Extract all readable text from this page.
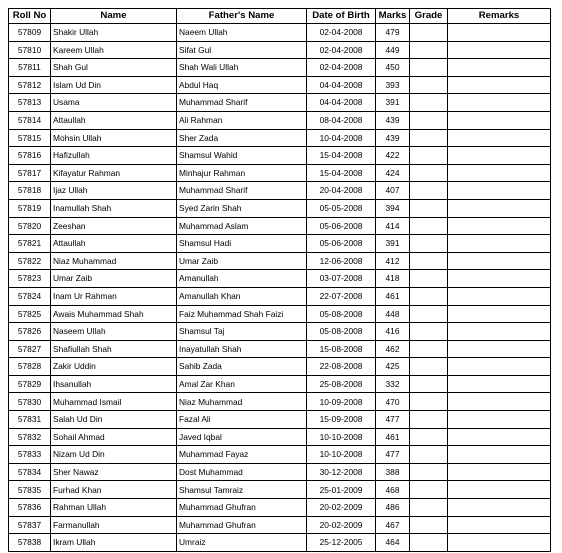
Roll No	Name	Father's Name	Date of Birth	Marks	Grade	Remarks
57809	Shakir Ullah	Naeem Ullah	02-04-2008	479		
57810	Kareem Ullah	Sifat Gul	02-04-2008	449		
57811	Shah Gul	Shah Wali Ullah	02-04-2008	450		
57812	Islam Ud Din	Abdul Haq	04-04-2008	393		
57813	Usama	Muhammad Sharif	04-04-2008	391		
57814	Attaullah	Ali Rahman	08-04-2008	439		
57815	Mohsin Ullah	Sher Zada	10-04-2008	439		
57816	Hafizullah	Shamsul Wahid	15-04-2008	422		
57817	Kifayatur Rahman	Minhajur Rahman	15-04-2008	424		
57818	Ijaz Ullah	Muhammad Sharif	20-04-2008	407		
57819	Inamullah Shah	Syed Zarin Shah	05-05-2008	394		
57820	Zeeshan	Muhammad Aslam	05-06-2008	414		
57821	Attaullah	Shamsul Hadi	05-06-2008	391		
57822	Niaz Muhammad	Umar Zaib	12-06-2008	412		
57823	Umar Zaib	Amanullah	03-07-2008	418		
57824	Inam Ur Rahman	Amanullah Khan	22-07-2008	461		
57825	Awais Muhammad Shah	Faiz Muhammad Shah Faizi	05-08-2008	448		
57826	Naseem Ullah	Shamsul Taj	05-08-2008	416		
57827	Shafiullah Shah	Inayatullah Shah	15-08-2008	462		
57828	Zakir Uddin	Sahib Zada	22-08-2008	425		
57829	Ihsanullah	Amal Zar Khan	25-08-2008	332		
57830	Muhammad Ismail	Niaz Muhammad	10-09-2008	470		
57831	Salah Ud Din	Fazal Ali	15-09-2008	477		
57832	Sohail Ahmad	Javed Iqbal	10-10-2008	461		
57833	Nizam Ud Din	Muhammad Fayaz	10-10-2008	477		
57834	Sher Nawaz	Dost Muhammad	30-12-2008	388		
57835	Furhad Khan	Shamsul Tamraiz	25-01-2009	468		
57836	Rahman Ullah	Muhammad Ghufran	20-02-2009	486		
57837	Farmanullah	Muhammad Ghufran	20-02-2009	467		
57838	Ikram Ullah	Umraiz	25-12-2005	464		
